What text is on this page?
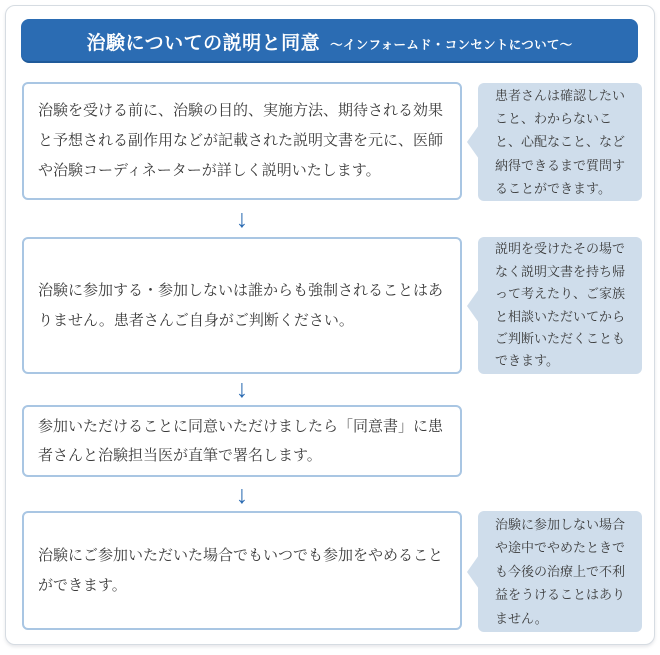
治験についての説明と同意 ～インフォームド・コンセントについて～

治験を受ける前に、治験の目的、実施方法、期待される効果と予想される副作用などが記載された説明文書を元に、医師や治験コーディネーターが詳しく説明いたします。

↓

治験に参加する・参加しないは誰からも強制されることはありません。患者さんご自身がご判断ください。

↓

参加いただけることに同意いただけましたら「同意書」に患者さんと治験担当医が直筆で署名します。

↓

治験にご参加いただいた場合でもいつでも参加をやめることができます。

患者さんは確認したいこと、わからないこと、心配なこと、など納得できるまで質問することができます。

説明を受けたその場でなく説明文書を持ち帰って考えたり、ご家族と相談いただいてからご判断いただくこともできます。

治験に参加しない場合や途中でやめたときでも今後の治療上で不利益をうけることはありません。
